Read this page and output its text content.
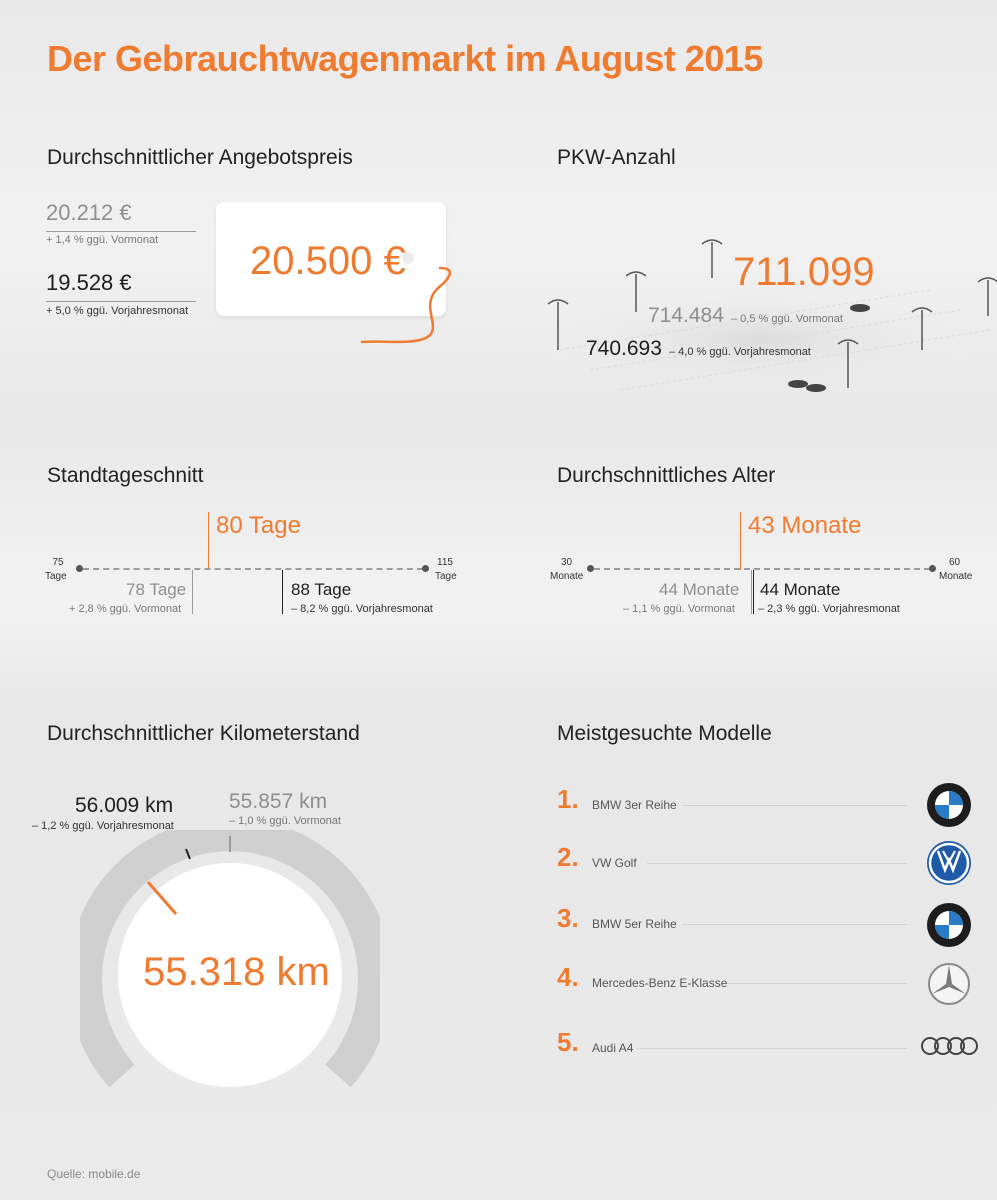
Der Gebrauchtwagenmarkt im August 2015
Durchschnittlicher Angebotspreis
20.212 €
+ 1,4 % ggü. Vormonat
19.528 €
+ 5,0 % ggü. Vorjahresmonat
20.500 €
PKW-Anzahl
711.099
714.484 – 0,5 % ggü. Vormonat
740.693 – 4,0 % ggü. Vorjahresmonat
Standtageschnitt
80 Tage
75
Tage
115
Tage
78 Tage
+ 2,8 % ggü. Vormonat
88 Tage
– 8,2 % ggü. Vorjahresmonat
Durchschnittliches Alter
43 Monate
30
Monate
60
Monate
44 Monate
– 1,1 % ggü. Vormonat
44 Monate
– 2,3 % ggü. Vorjahresmonat
Durchschnittlicher Kilometerstand
56.009 km
– 1,2 % ggü. Vorjahresmonat
55.857 km
– 1,0 % ggü. Vormonat
55.318 km
Meistgesuchte Modelle
1. BMW 3er Reihe
2. VW Golf
3. BMW 5er Reihe
4. Mercedes-Benz E-Klasse
5. Audi A4
Quelle: mobile.de
